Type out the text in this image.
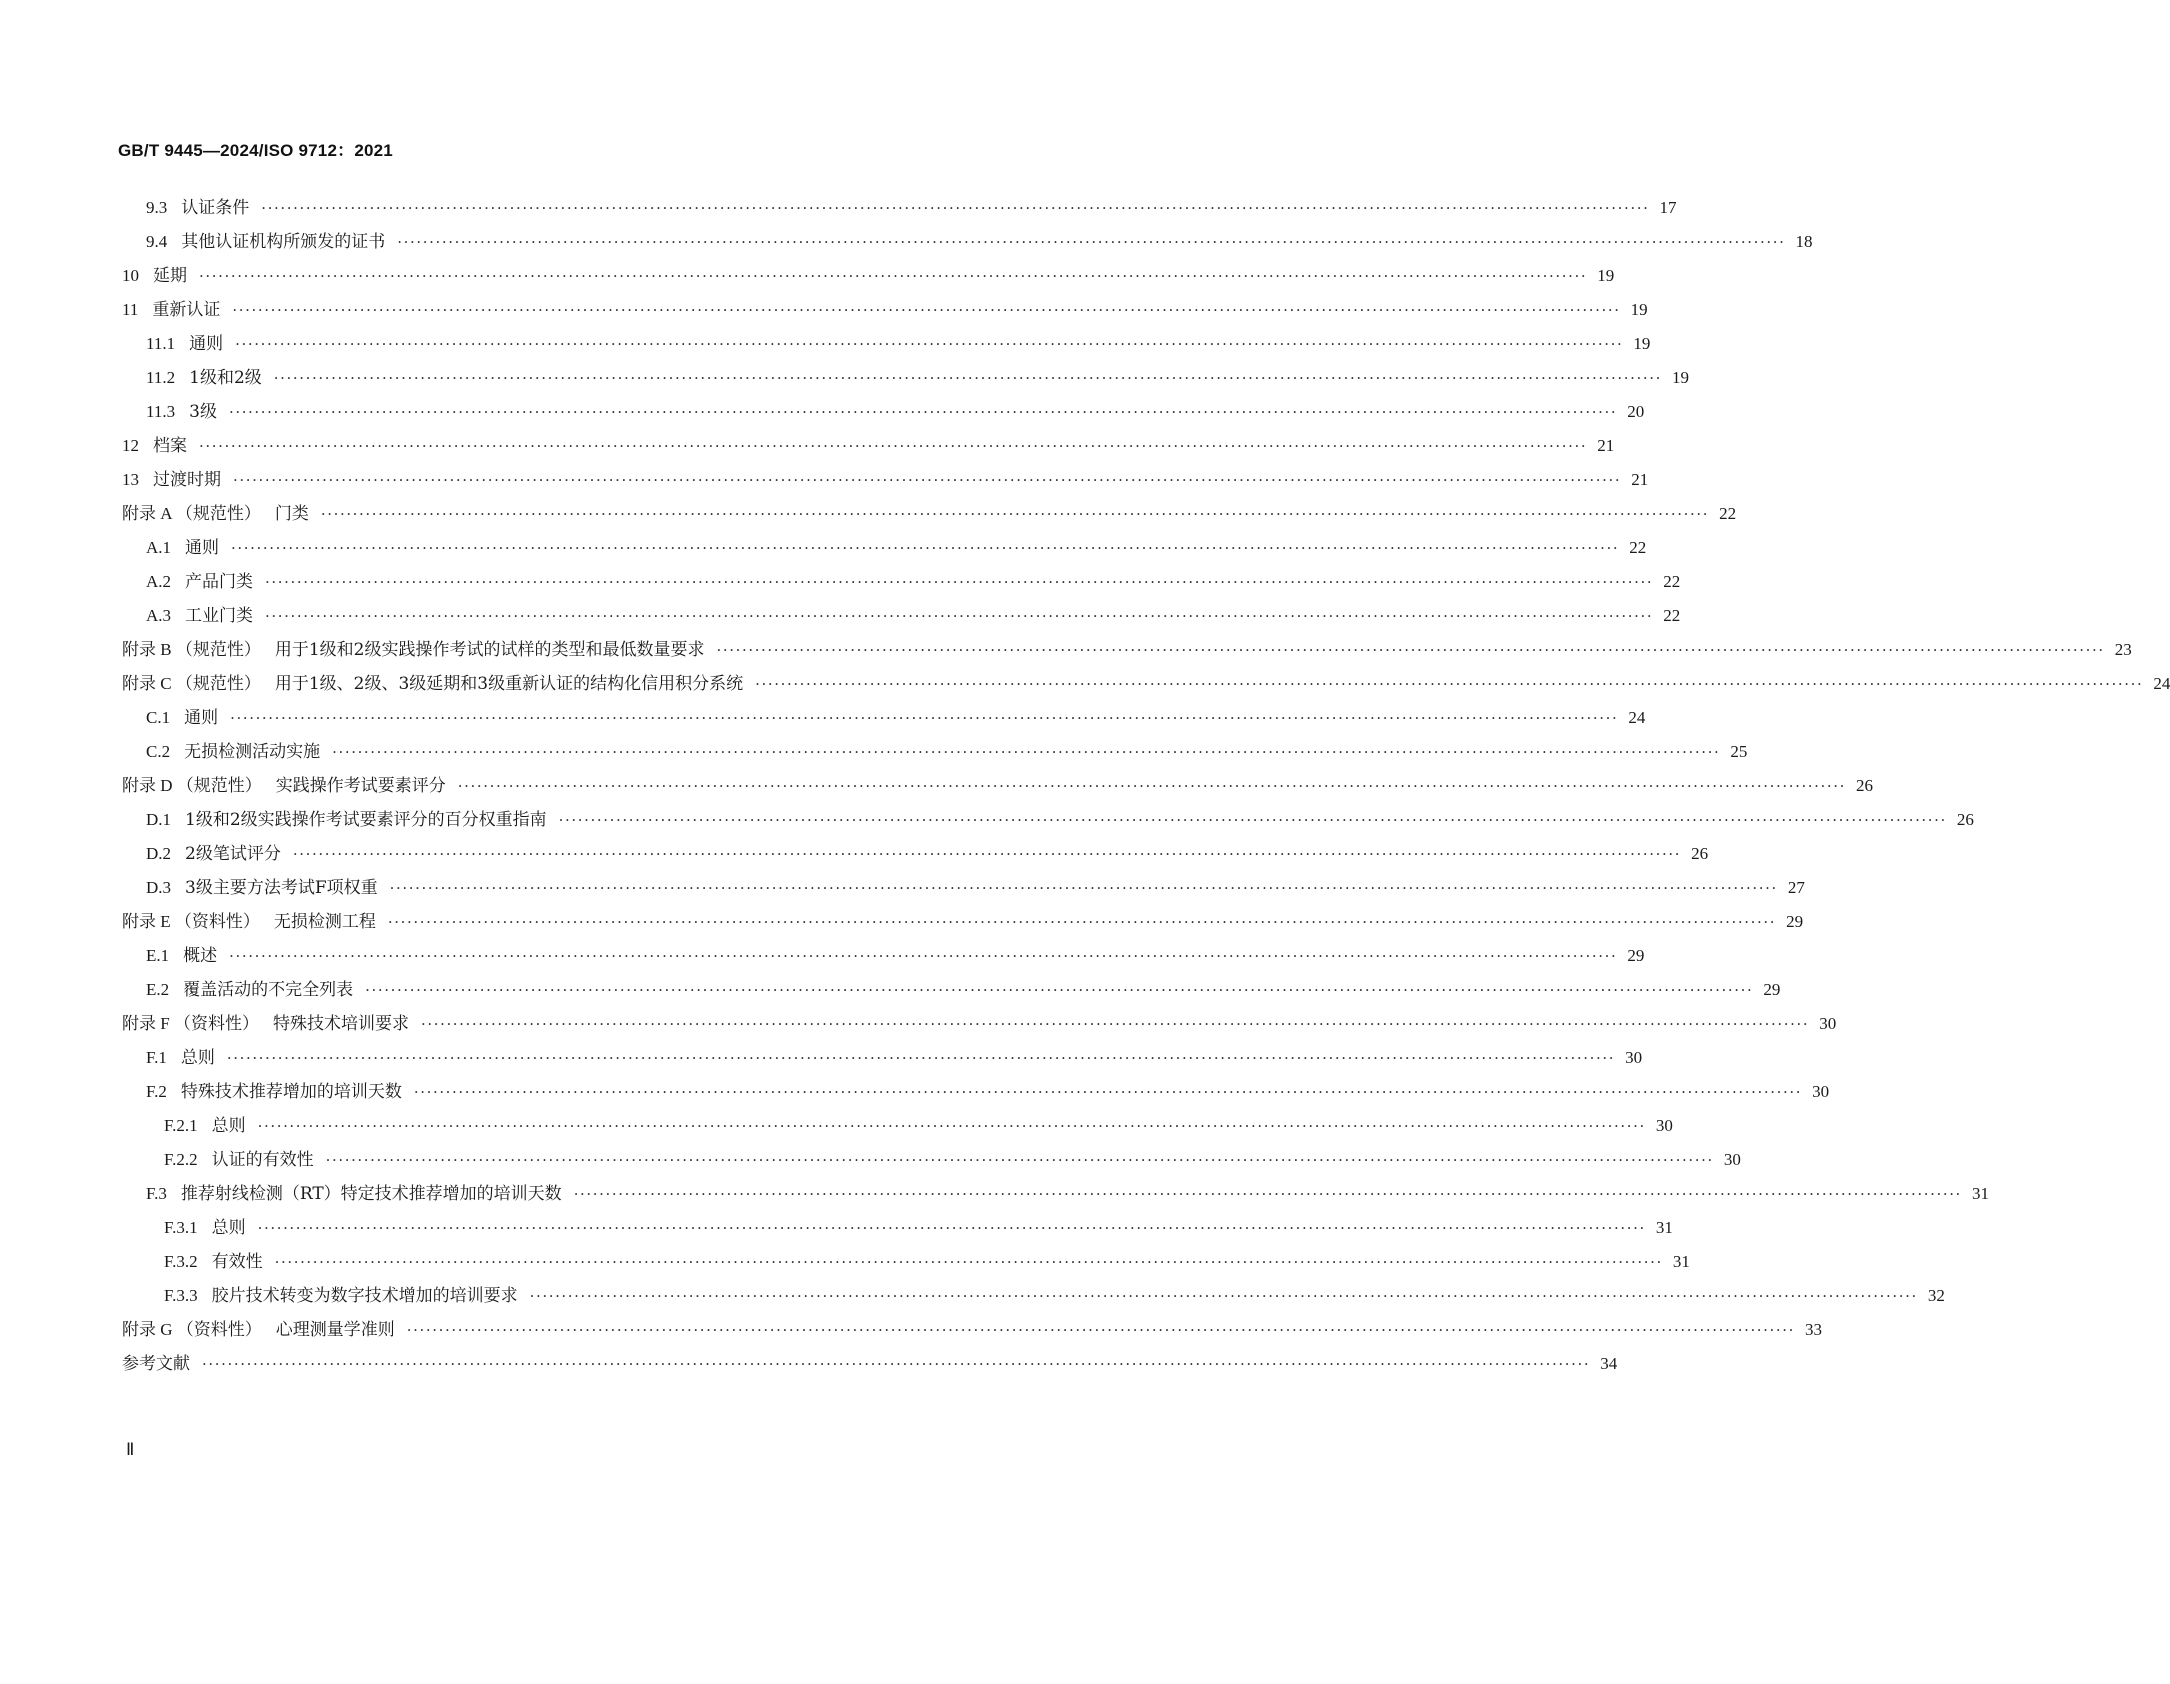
GB/T 9445—2024/ISO 9712：2021
9.3 认证条件 ·····	17
9.4 其他认证机构所颁发的证书 ·····	18
10 延期 ·····	19
11 重新认证 ·····	19
11.1 通则 ·····	19
11.2 1级和2级 ·····	19
11.3 3级 ·····	20
12 档案 ·····	21
13 过渡时期 ·····	21
附录 A （规范性） 门类 ·····	22
A.1 通则 ·····	22
A.2 产品门类 ·····	22
A.3 工业门类 ·····	22
附录 B （规范性） 用于1级和2级实践操作考试的试样的类型和最低数量要求 ·····	23
附录 C （规范性） 用于1级、2级、3级延期和3级重新认证的结构化信用积分系统 ·····	24
C.1 通则 ·····	24
C.2 无损检测活动实施 ·····	25
附录 D （规范性） 实践操作考试要素评分 ·····	26
D.1 1级和2级实践操作考试要素评分的百分权重指南 ·····	26
D.2 2级笔试评分 ·····	26
D.3 3级主要方法考试F项权重 ·····	27
附录 E （资料性） 无损检测工程 ·····	29
E.1 概述 ·····	29
E.2 覆盖活动的不完全列表 ·····	29
附录 F （资料性） 特殊技术培训要求 ·····	30
F.1 总则 ·····	30
F.2 特殊技术推荐增加的培训天数 ·····	30
F.2.1 总则 ·····	30
F.2.2 认证的有效性 ·····	30
F.3 推荐射线检测（RT）特定技术推荐增加的培训天数 ·····	31
F.3.1 总则 ·····	31
F.3.2 有效性 ·····	31
F.3.3 胶片技术转变为数字技术增加的培训要求 ·····	32
附录 G （资料性） 心理测量学准则 ·····	33
参考文献 ·····	34
Ⅱ
